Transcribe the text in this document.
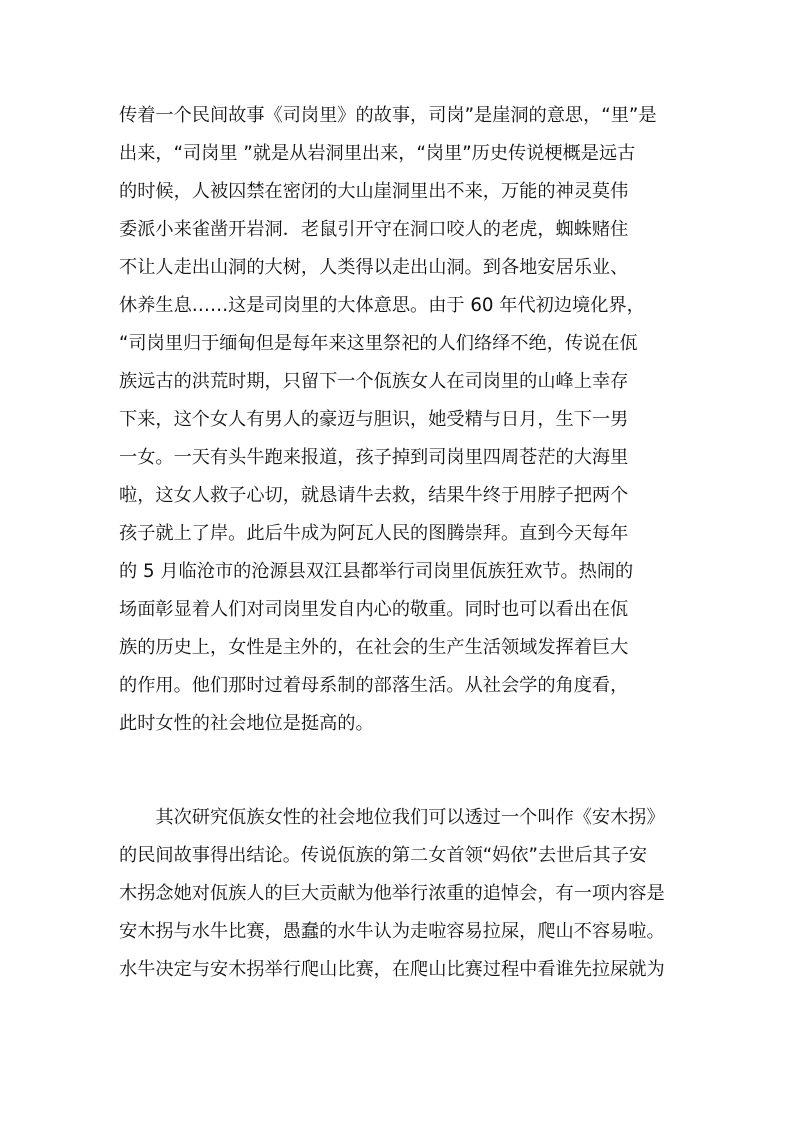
传着一个民间故事《司岗里》的故事，司岗”是崖洞的意思，“里”是
出来，“司岗里 ”就是从岩洞里出来，“岗里”历史传说梗概是远古
的时候，人被囚禁在密闭的大山崖洞里出不来，万能的神灵莫伟
委派小来雀凿开岩洞．老鼠引开守在洞口咬人的老虎，蜘蛛赌住
不让人走出山洞的大树，人类得以走出山洞。到各地安居乐业、
休养生息……这是司岗里的大体意思。由于 60 年代初边境化界，
“司岗里归于缅甸但是每年来这里祭祀的人们络绎不绝，传说在佤
族远古的洪荒时期，只留下一个佤族女人在司岗里的山峰上幸存
下来，这个女人有男人的豪迈与胆识，她受精与日月，生下一男
一女。一天有头牛跑来报道，孩子掉到司岗里四周苍茫的大海里
啦，这女人救子心切，就恳请牛去救，结果牛终于用脖子把两个
孩子就上了岸。此后牛成为阿瓦人民的图腾崇拜。直到今天每年
的 5 月临沧市的沧源县双江县都举行司岗里佤族狂欢节。热闹的
场面彰显着人们对司岗里发自内心的敬重。同时也可以看出在佤
族的历史上，女性是主外的，在社会的生产生活领域发挥着巨大
的作用。他们那时过着母系制的部落生活。从社会学的角度看，
此时女性的社会地位是挺高的。
　　其次研究佤族女性的社会地位我们可以透过一个叫作《安木拐》
的民间故事得出结论。传说佤族的第二女首领“妈依”去世后其子安
木拐念她对佤族人的巨大贡献为他举行浓重的追悼会，有一项内容是
安木拐与水牛比赛，愚蠢的水牛认为走啦容易拉屎，爬山不容易啦。
水牛决定与安木拐举行爬山比赛，在爬山比赛过程中看谁先拉屎就为
